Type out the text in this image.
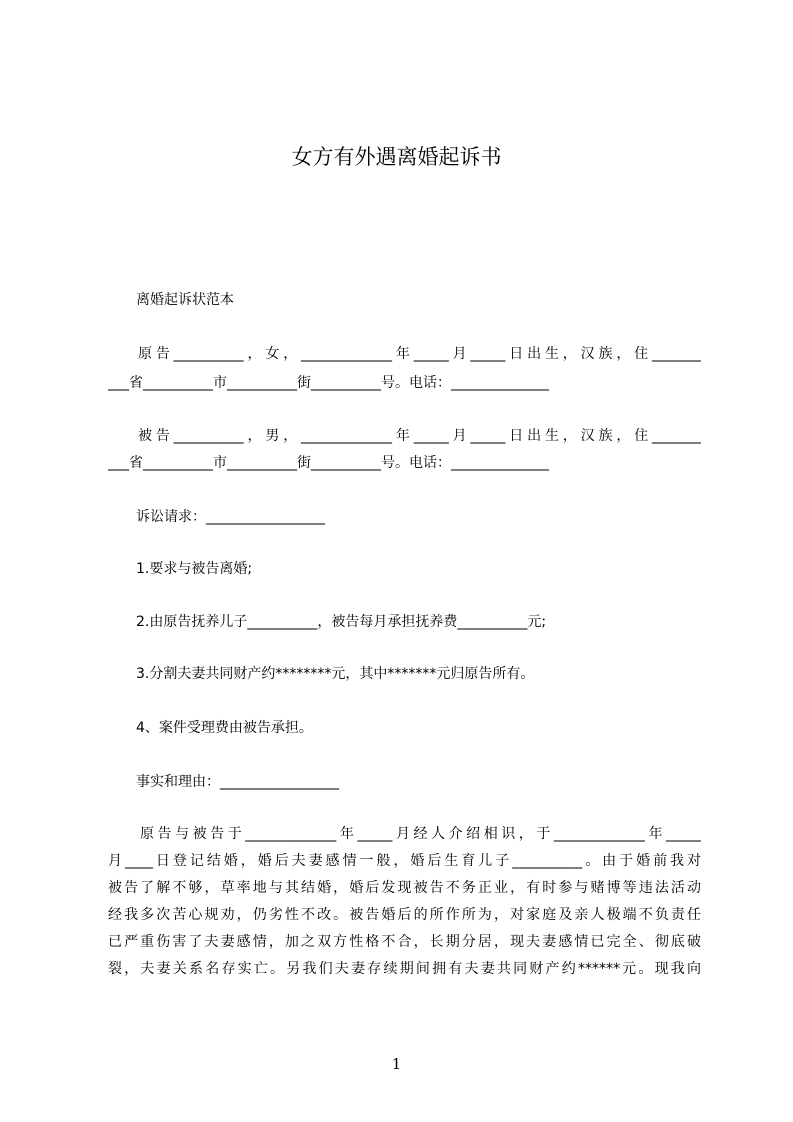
女方有外遇离婚起诉书
离婚起诉状范本
原告__________，女，_____________年_____月_____日出生，汉族，住_______
___省__________市__________街__________号。电话：______________
被告__________，男，_____________年_____月_____日出生，汉族，住_______
___省__________市__________街__________号。电话：______________
诉讼请求：_________________
1.要求与被告离婚;
2.由原告抚养儿子__________，被告每月承担抚养费__________元;
3.分割夫妻共同财产约********元，其中*******元归原告所有。
4、案件受理费由被告承担。
事实和理由：_________________
原告与被告于_____________年_____月经人介绍相识，于_____________年_____
月____日登记结婚，婚后夫妻感情一般，婚后生育儿子__________。由于婚前我对
被告了解不够，草率地与其结婚，婚后发现被告不务正业，有时参与赌博等违法活动
经我多次苦心规劝，仍劣性不改。被告婚后的所作所为，对家庭及亲人极端不负责任
已严重伤害了夫妻感情，加之双方性格不合，长期分居，现夫妻感情已完全、彻底破
裂，夫妻关系名存实亡。另我们夫妻存续期间拥有夫妻共同财产约******元。现我向
1
